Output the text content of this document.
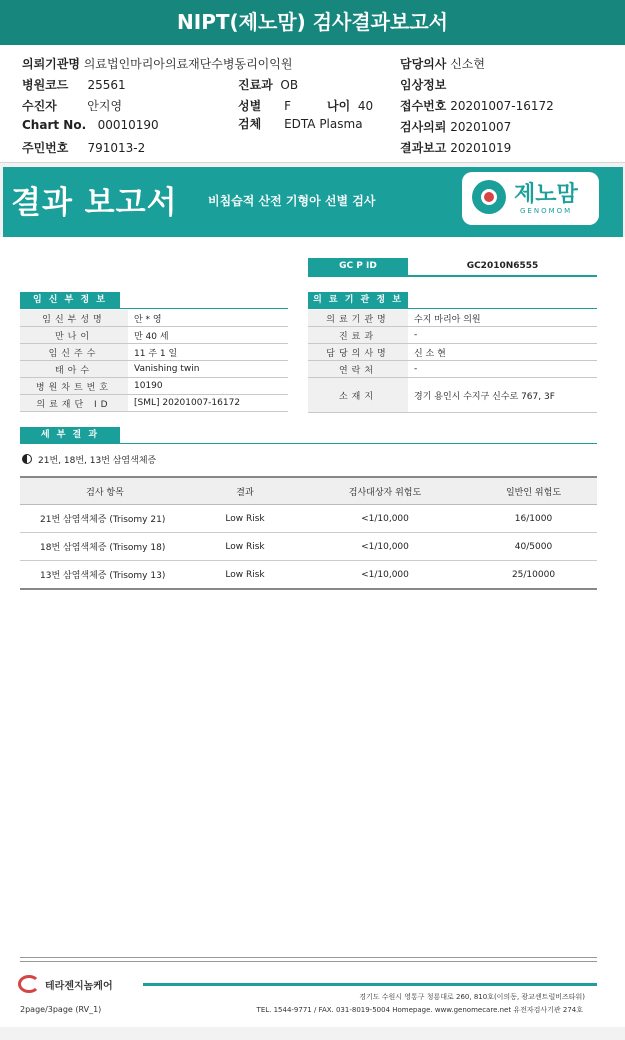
NIPT(제노맘) 검사결과보고서
의뢰기관명 의료법인마리아의료재단수병동리이익원
병원코드 25561
수진자	안지영
Chart No. 00010190
주민번호 791013-2
진료과 OB
성별 F	나이 40
검체 EDTA Plasma
담당의사 신소현
임상정보
접수번호 20201007-16172
검사의뢰 20201007
결과보고 20201019
결과 보고서	비침습적 산전 기형아 선별 검사	제노맘
GENOMOM
GC P ID	GC2010N6555
임 신 부 정 보
임신부성명	안 * 영
만나이	만 40 세
임신주수	11 주 1 일
태아수	Vanishing twin
병원차트번호	10190
의료재단 ID	[SML] 20201007-16172
의 료 기 관 정 보
의료기관명	수지 마리아 의원
진료과	-
담당의사명	신 소 현
연락처	-
소재지	경기 용인시 수지구 신수로 767, 3F
세 부 결 과
21번, 18번, 13번 삼염색체증
검사 항목	결과	검사대상자 위험도	일반인 위험도
21번 삼염색체증 (Trisomy 21)	Low Risk	<1/10,000	16/1000
18번 삼염색체증 (Trisomy 18)	Low Risk	<1/10,000	40/5000
13번 삼염색체증 (Trisomy 13)	Low Risk	<1/10,000	25/10000
테라젠지놈케어
경기도 수원시 영통구 청룡대로 260, 810호(이의동, 광교센트럴비즈타워)
TEL. 1544-9771 / FAX. 031-8019-5004 Homepage. www.genomecare.net 유전자검사기관 274호
2page/3page (RV_1)
